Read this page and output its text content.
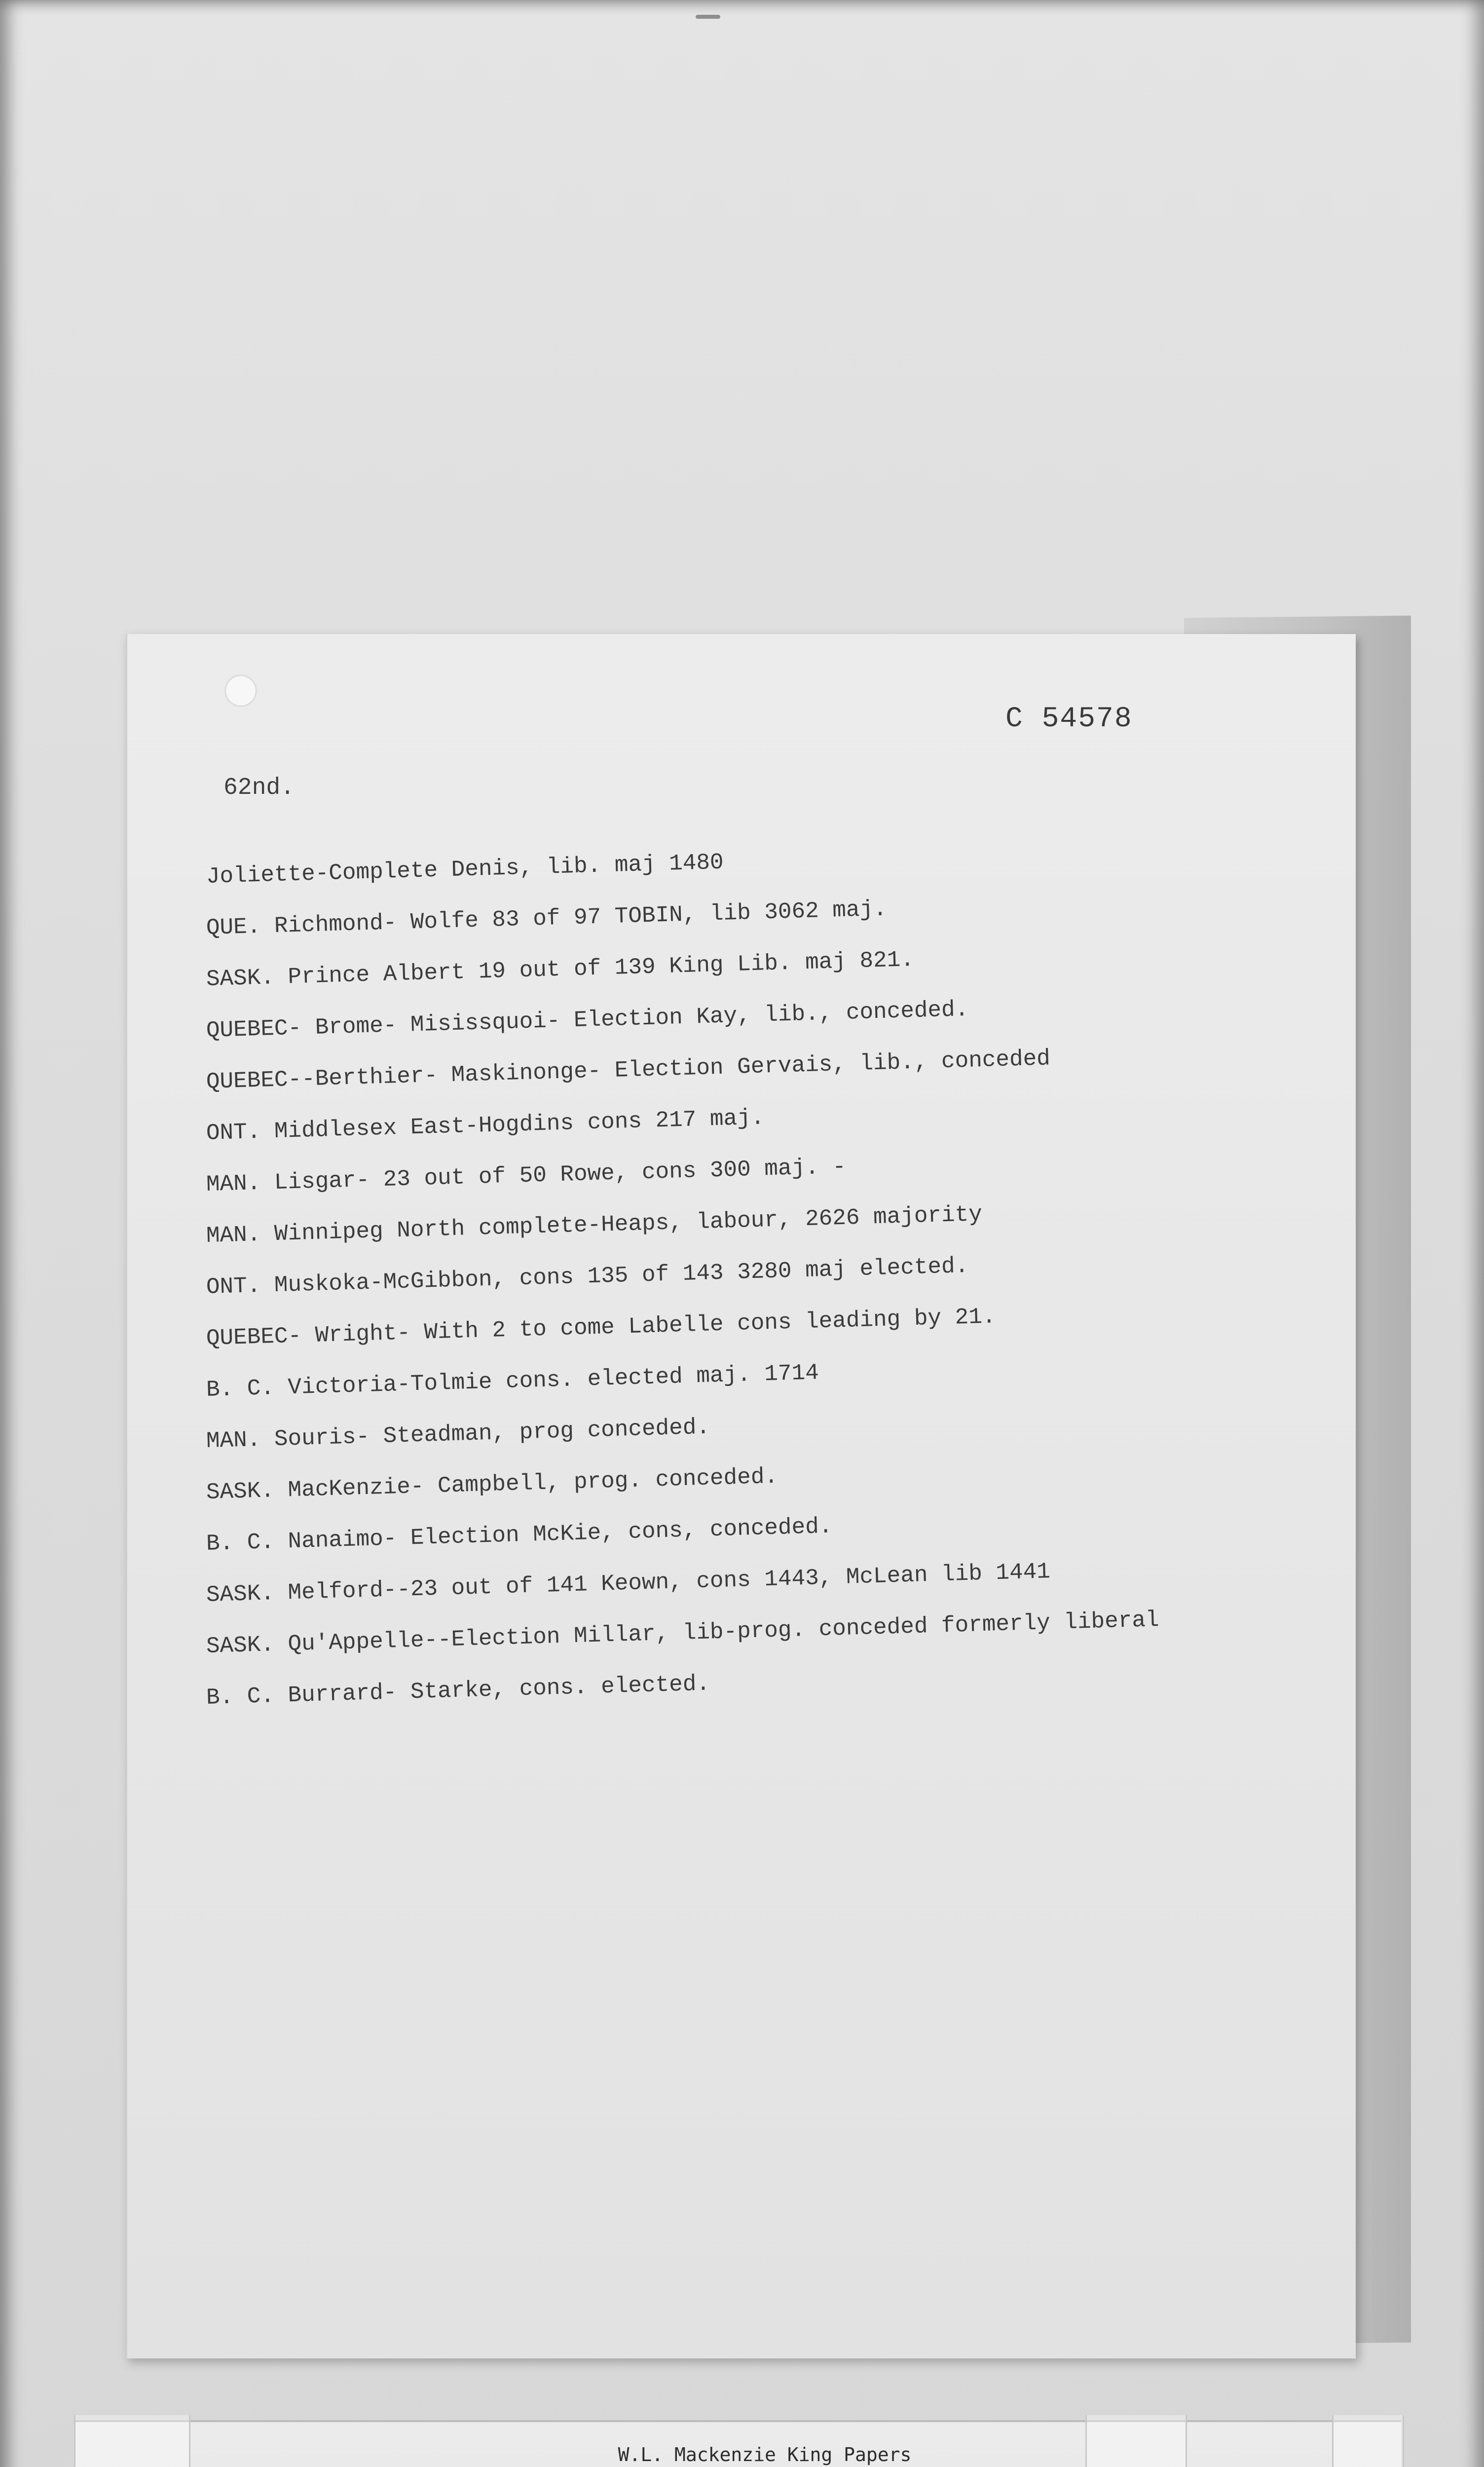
C 54578
62nd.
Joliette-Complete Denis, lib. maj 1480
QUE. Richmond- Wolfe 83 of 97 TOBIN, lib 3062 maj.
SASK. Prince Albert 19 out of 139 King Lib. maj 821.
QUEBEC- Brome- Misissquoi- Election Kay, lib., conceded.
QUEBEC--Berthier- Maskinonge- Election Gervais, lib., conceded
ONT. Middlesex East-Hogdins cons 217 maj.
MAN. Lisgar- 23 out of 50 Rowe, cons 300 maj. -
MAN. Winnipeg North complete-Heaps, labour, 2626 majority
ONT. Muskoka-McGibbon, cons 135 of 143 3280 maj elected.
QUEBEC- Wright- With 2 to come Labelle cons leading by 21.
B. C. Victoria-Tolmie cons. elected maj. 1714
MAN. Souris- Steadman, prog conceded.
SASK. MacKenzie- Campbell, prog. conceded.
B. C. Nanaimo- Election McKie, cons, conceded.
SASK. Melford--23 out of 141 Keown, cons 1443, McLean lib 1441
SASK. Qu'Appelle--Election Millar, lib-prog. conceded formerly liberal
B. C. Burrard- Starke, cons. elected.
W.L. Mackenzie King Papers
